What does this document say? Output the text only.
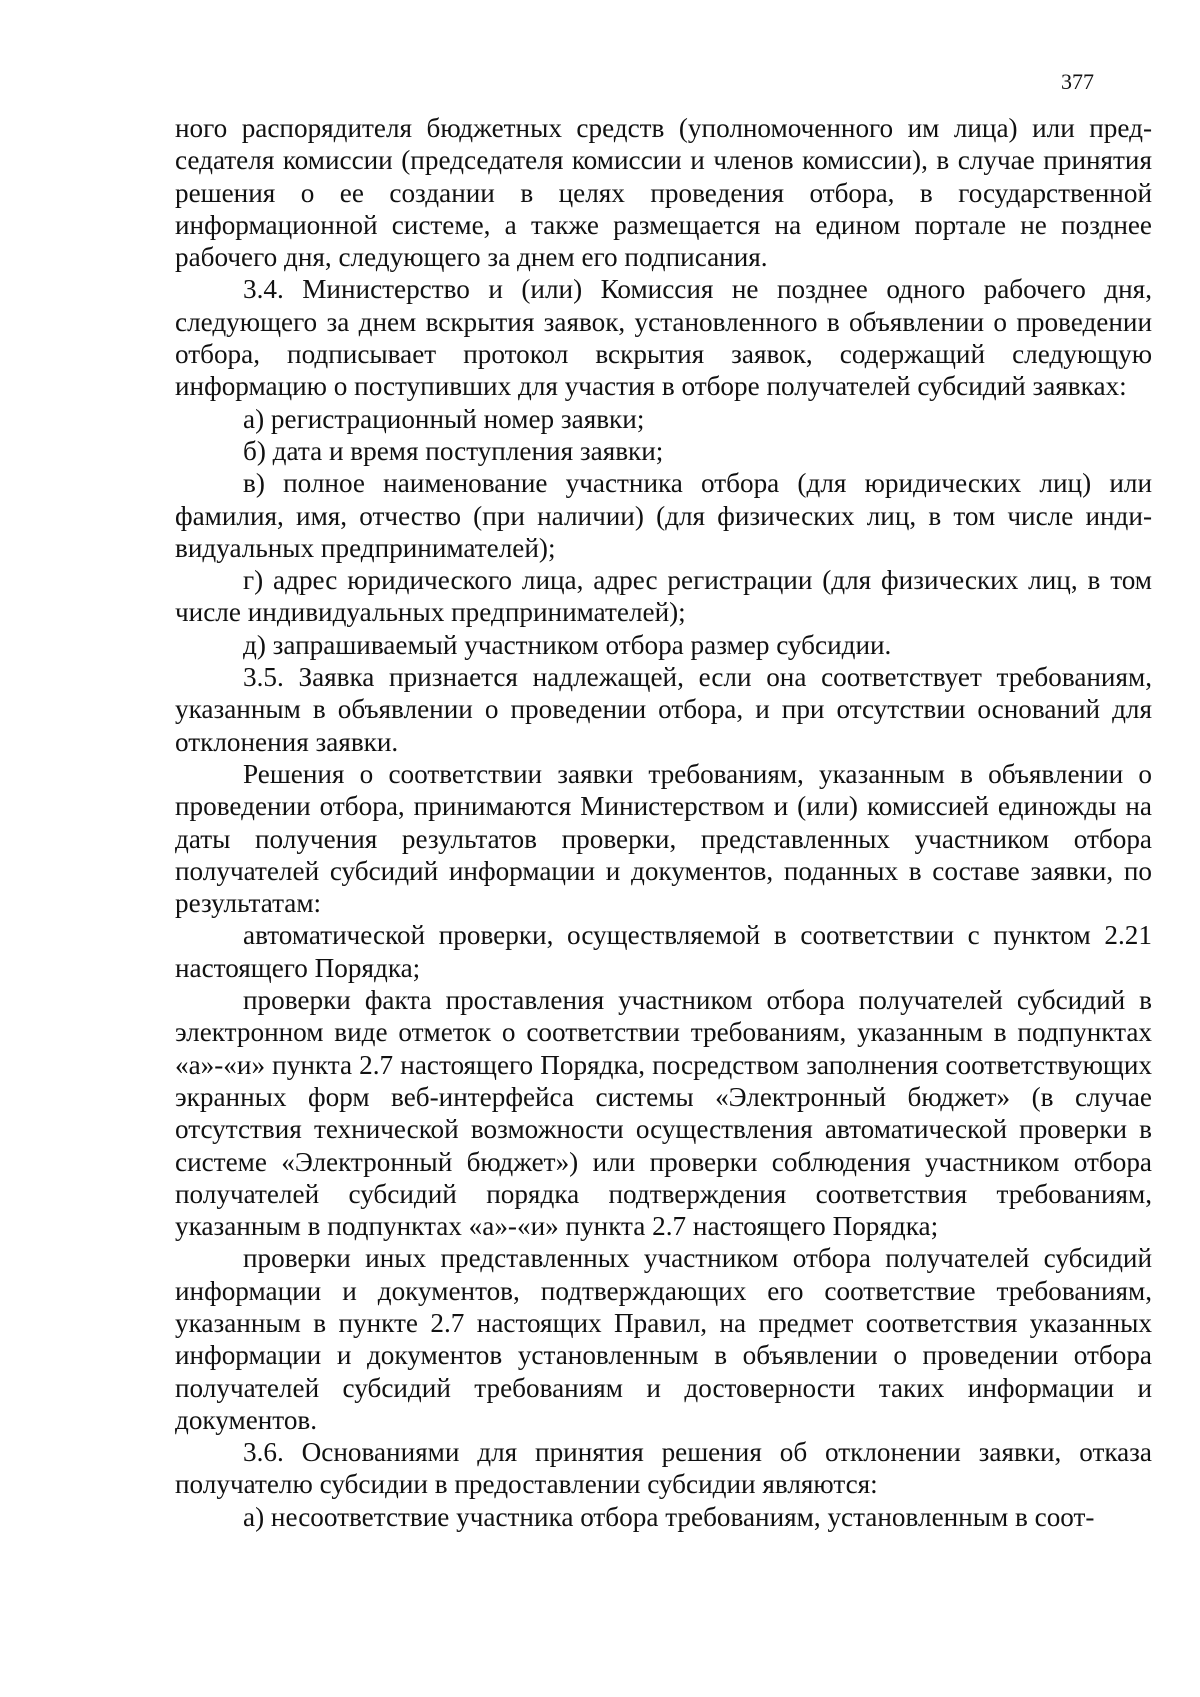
377

ного распорядителя бюджетных средств (уполномоченного им лица) или председателя комиссии (председателя комиссии и членов комиссии), в случае принятия решения о ее создании в целях проведения отбора, в государственной информационной системе, а также размещается на едином портале не позднее рабочего дня, следующего за днем его подписания.

3.4. Министерство и (или) Комиссия не позднее одного рабочего дня, следующего за днем вскрытия заявок, установленного в объявлении о проведении отбора, подписывает протокол вскрытия заявок, содержащий следующую информацию о поступивших для участия в отборе получателей субсидий заявках:

а) регистрационный номер заявки;

б) дата и время поступления заявки;

в) полное наименование участника отбора (для юридических лиц) или фамилия, имя, отчество (при наличии) (для физических лиц, в том числе индивидуальных предпринимателей);

г) адрес юридического лица, адрес регистрации (для физических лиц, в том числе индивидуальных предпринимателей);

д) запрашиваемый участником отбора размер субсидии.

3.5. Заявка признается надлежащей, если она соответствует требованиям, указанным в объявлении о проведении отбора, и при отсутствии оснований для отклонения заявки.

Решения о соответствии заявки требованиям, указанным в объявлении о проведении отбора, принимаются Министерством и (или) комиссией единожды на даты получения результатов проверки, представленных участником отбора получателей субсидий информации и документов, поданных в составе заявки, по результатам:

автоматической проверки, осуществляемой в соответствии с пунктом 2.21 настоящего Порядка;

проверки факта проставления участником отбора получателей субсидий в электронном виде отметок о соответствии требованиям, указанным в подпунктах «а»-«и» пункта 2.7 настоящего Порядка, посредством заполнения соответствующих экранных форм веб-интерфейса системы «Электронный бюджет» (в случае отсутствия технической возможности осуществления автоматической проверки в системе «Электронный бюджет») или проверки соблюдения участником отбора получателей субсидий порядка подтверждения соответствия требованиям, указанным в подпунктах «а»-«и» пункта 2.7 настоящего Порядка;

проверки иных представленных участником отбора получателей субсидий информации и документов, подтверждающих его соответствие требованиям, указанным в пункте 2.7 настоящих Правил, на предмет соответствия указанных информации и документов установленным в объявлении о проведении отбора получателей субсидий требованиям и достоверности таких информации и документов.

3.6. Основаниями для принятия решения об отклонении заявки, отказа получателю субсидии в предоставлении субсидии являются:

а) несоответствие участника отбора требованиям, установленным в соот-
